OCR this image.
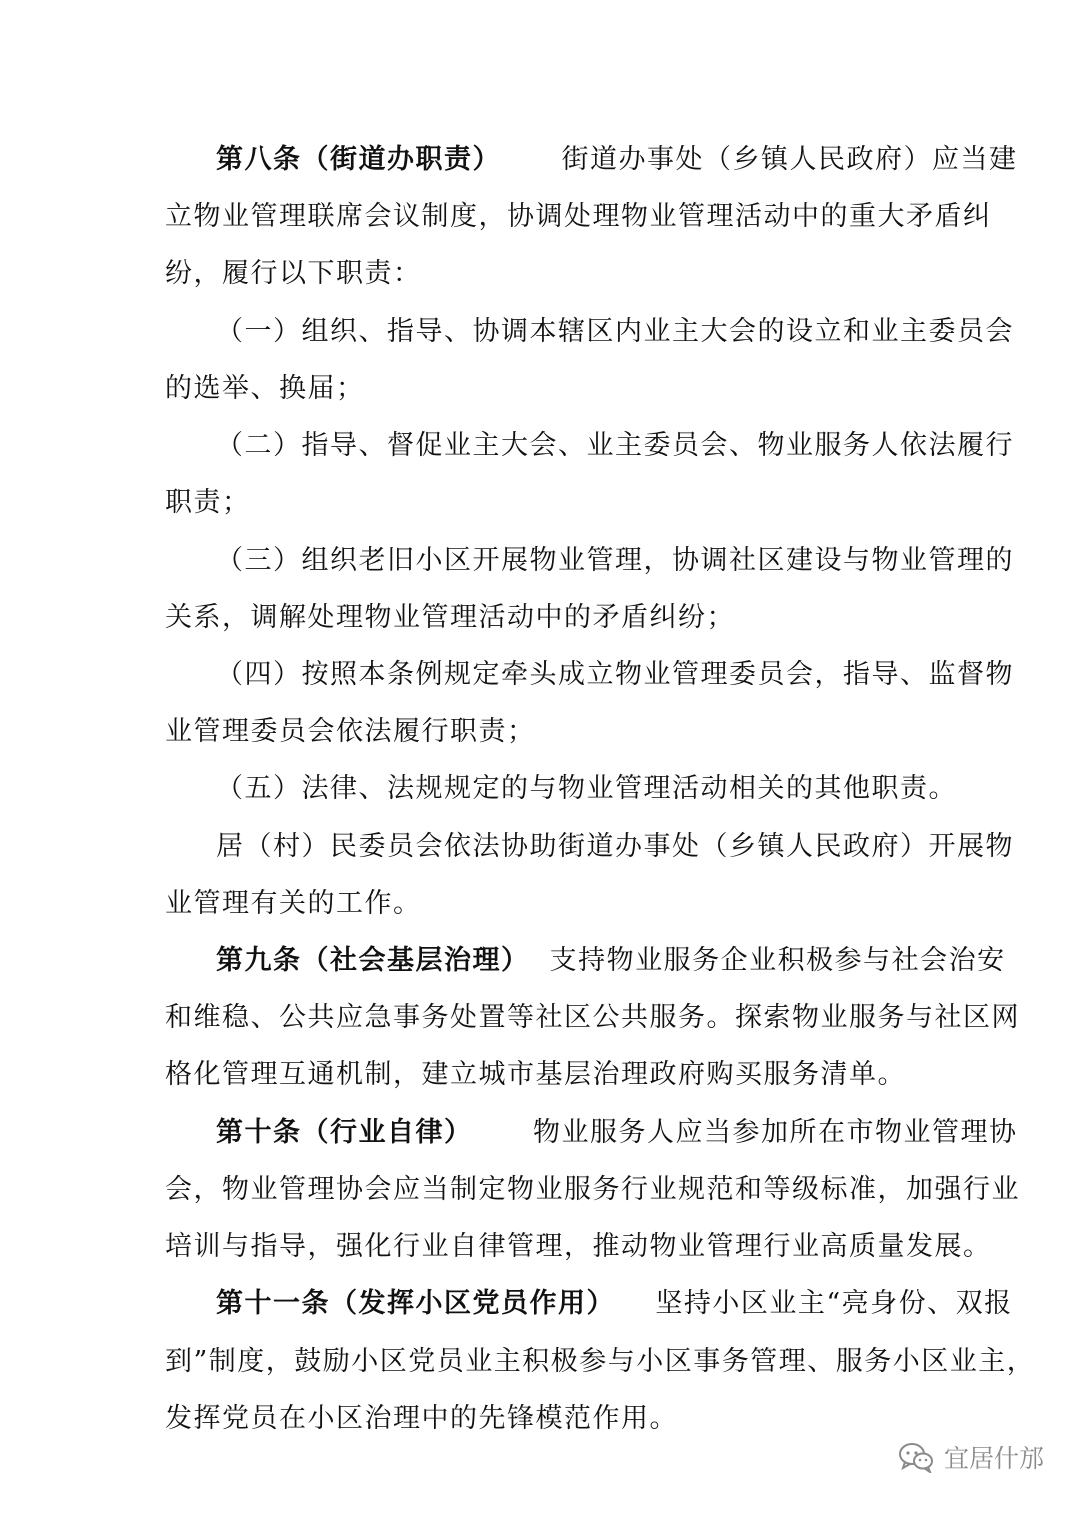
第八条（街道办职责） 街道办事处（乡镇人民政府）应当建
立物业管理联席会议制度，协调处理物业管理活动中的重大矛盾纠
纷，履行以下职责：
（一）组织、指导、协调本辖区内业主大会的设立和业主委员会
的选举、换届；
（二）指导、督促业主大会、业主委员会、物业服务人依法履行
职责；
（三）组织老旧小区开展物业管理，协调社区建设与物业管理的
关系，调解处理物业管理活动中的矛盾纠纷；
（四）按照本条例规定牵头成立物业管理委员会，指导、监督物
业管理委员会依法履行职责；
（五）法律、法规规定的与物业管理活动相关的其他职责。
居（村）民委员会依法协助街道办事处（乡镇人民政府）开展物
业管理有关的工作。
第九条（社会基层治理） 支持物业服务企业积极参与社会治安
和维稳、公共应急事务处置等社区公共服务。探索物业服务与社区网
格化管理互通机制，建立城市基层治理政府购买服务清单。
第十条（行业自律） 物业服务人应当参加所在市物业管理协
会，物业管理协会应当制定物业服务行业规范和等级标准，加强行业
培训与指导，强化行业自律管理，推动物业管理行业高质量发展。
第十一条（发挥小区党员作用） 坚持小区业主“亮身份、双报
到”制度，鼓励小区党员业主积极参与小区事务管理、服务小区业主，
发挥党员在小区治理中的先锋模范作用。
宜居什邡
